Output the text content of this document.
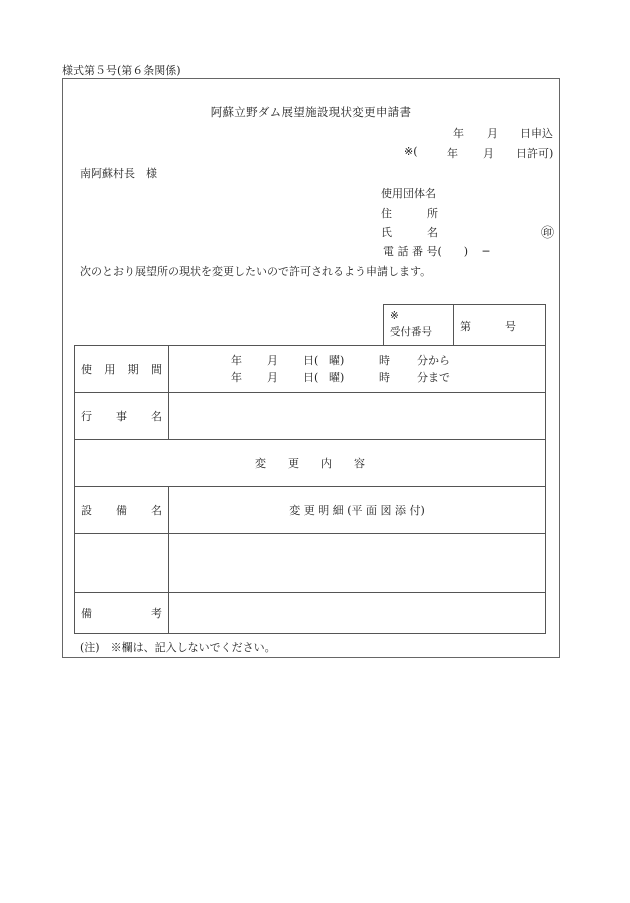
様式第５号(第６条関係)
阿蘇立野ダム展望施設現状変更申請書
年 月 日申込
※(	年 月 日許可)
南阿蘇村長　様
使用団体名
住	所
氏	名	㊞
電 話 番 号(　　)　 ─
次のとおり展望所の現状を変更したいので許可されるよう申請します。
※
受付番号	第	号
使 用 期 間

年	月	日( 曜)	時	分から
年	月	日( 曜)	時	分まで

行 事 名	

変　　更　　内　　容	

設 備 名	変 更 明 細 (平 面 図 添 付)

備 考	

(注)　※欄は、記入しないでください。
